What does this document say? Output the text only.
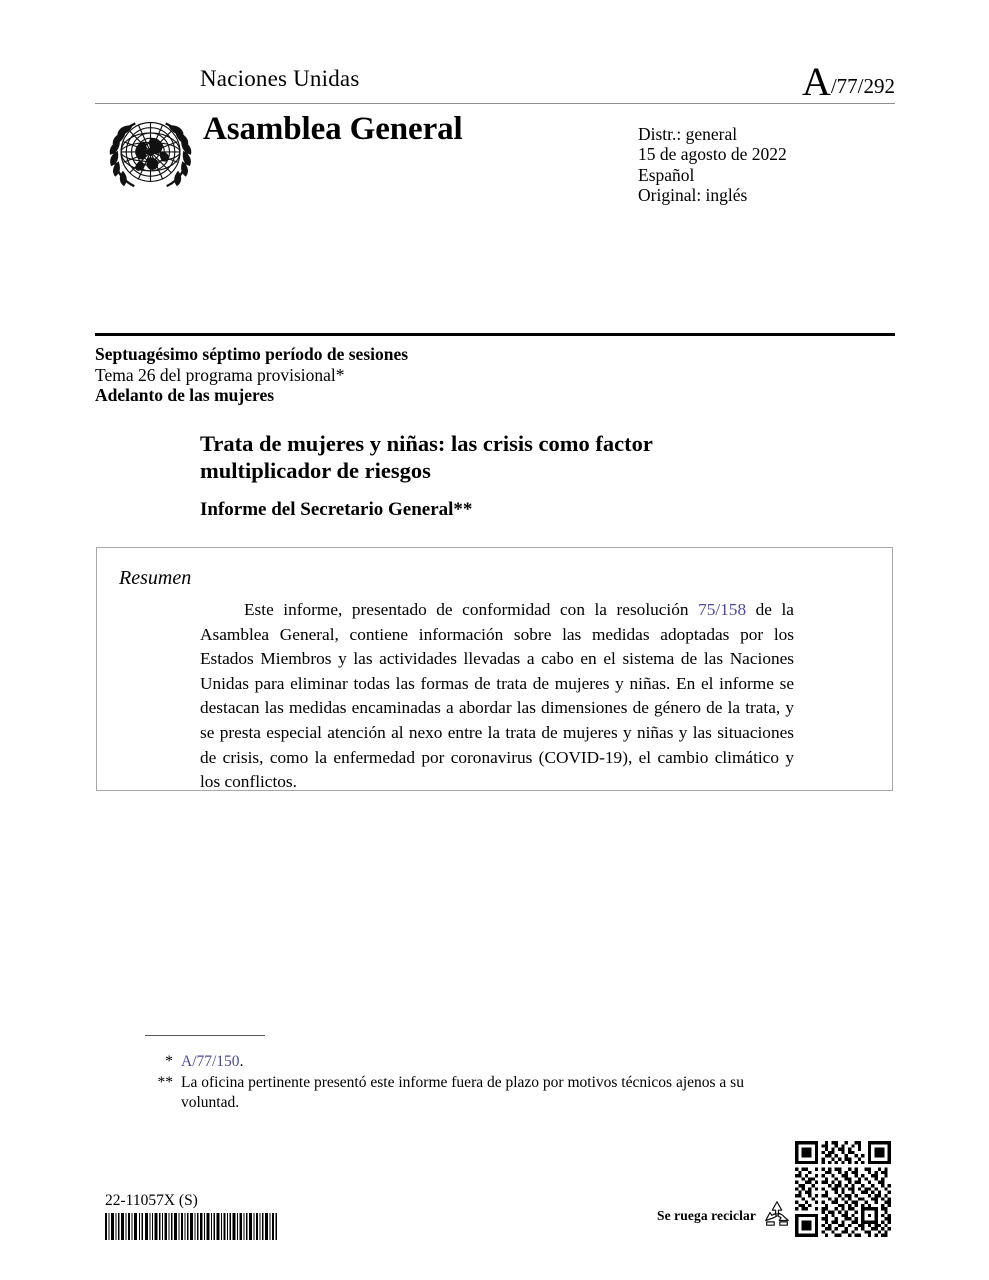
Naciones Unidas	A/77/292
Asamblea General	Distr.: general
15 de agosto de 2022
Español
Original: inglés
Septuagésimo séptimo período de sesiones
Tema 26 del programa provisional*
Adelanto de las mujeres
Trata de mujeres y niñas: las crisis como factor multiplicador de riesgos
Informe del Secretario General**
Resumen
Este informe, presentado de conformidad con la resolución 75/158 de la Asamblea General, contiene información sobre las medidas adoptadas por los Estados Miembros y las actividades llevadas a cabo en el sistema de las Naciones Unidas para eliminar todas las formas de trata de mujeres y niñas. En el informe se destacan las medidas encaminadas a abordar las dimensiones de género de la trata, y se presta especial atención al nexo entre la trata de mujeres y niñas y las situaciones de crisis, como la enfermedad por coronavirus (COVID-19), el cambio climático y los conflictos.
* A/77/150.
** La oficina pertinente presentó este informe fuera de plazo por motivos técnicos ajenos a su voluntad.
22-11057X (S)
Se ruega reciclar
